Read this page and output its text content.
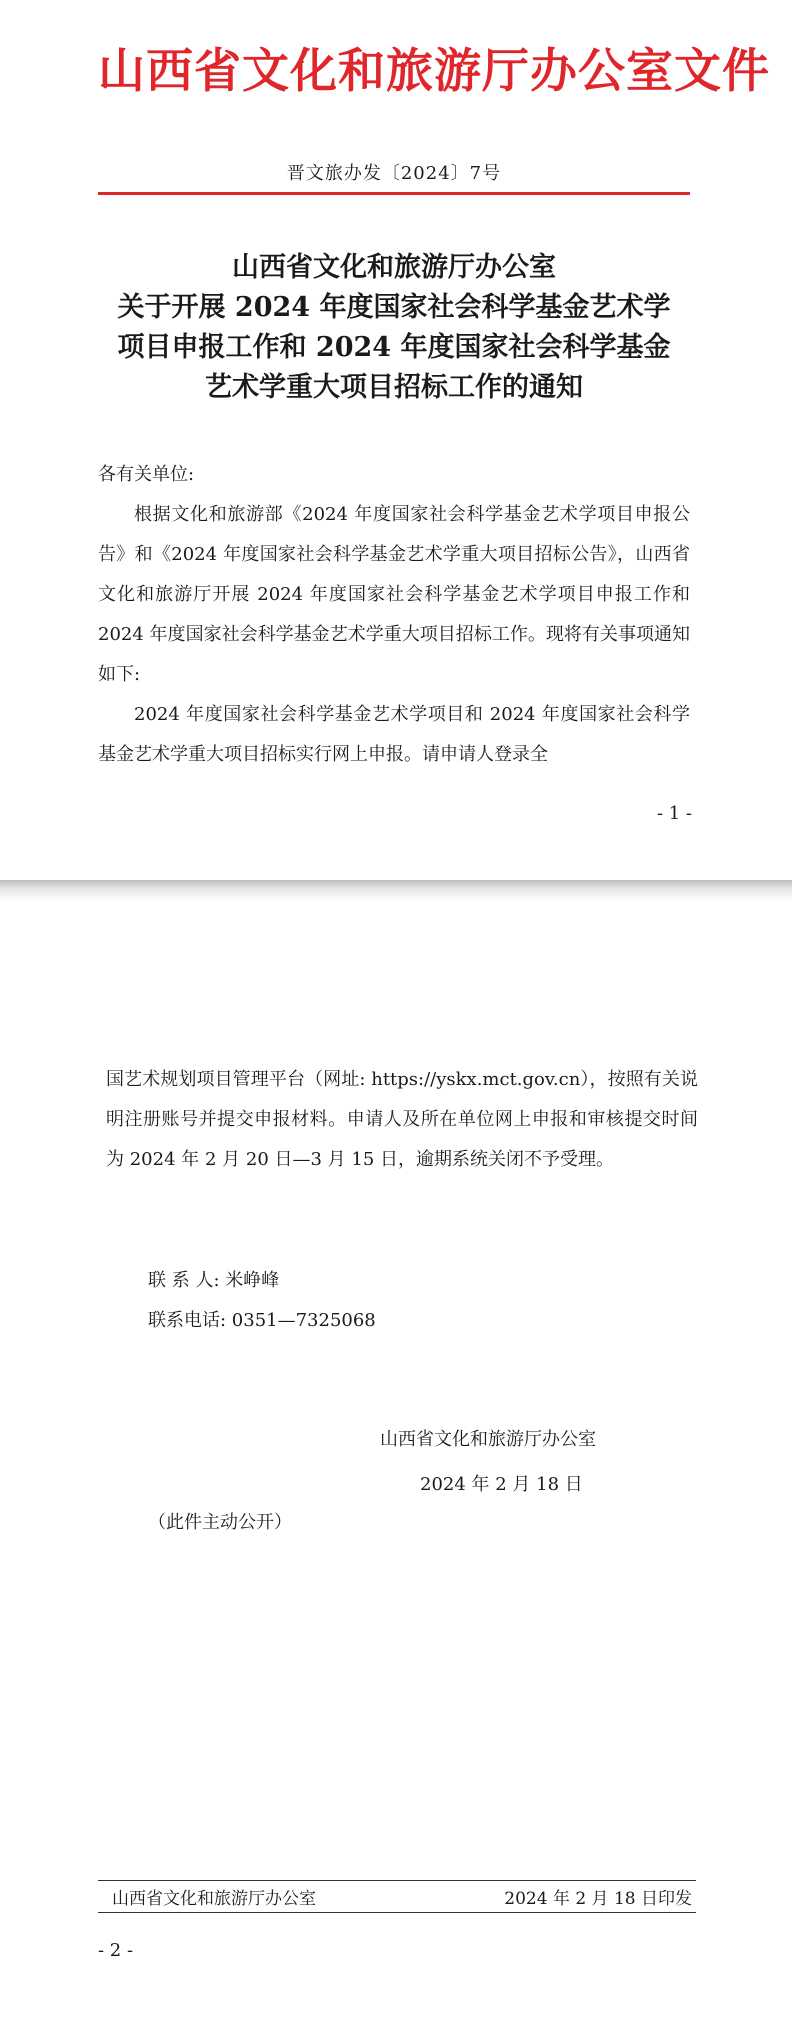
山西省文化和旅游厅办公室文件
晋文旅办发〔2024〕7号
山西省文化和旅游厅办公室
关于开展 2024 年度国家社会科学基金艺术学
项目申报工作和 2024 年度国家社会科学基金
艺术学重大项目招标工作的通知
各有关单位:

根据文化和旅游部《2024 年度国家社会科学基金艺术学项目申报公告》和《2024 年度国家社会科学基金艺术学重大项目招标公告》，山西省文化和旅游厅开展 2024 年度国家社会科学基金艺术学项目申报工作和 2024 年度国家社会科学基金艺术学重大项目招标工作。现将有关事项通知如下:

2024 年度国家社会科学基金艺术学项目和 2024 年度国家社会科学基金艺术学重大项目招标实行网上申报。请申请人登录全

- 1 -
国艺术规划项目管理平台（网址: https://yskx.mct.gov.cn），按照有关说明注册账号并提交申报材料。申请人及所在单位网上申报和审核提交时间为 2024 年 2 月 20 日—3 月 15 日，逾期系统关闭不予受理。
联 系 人: 米峥峰
联系电话: 0351—7325068
山西省文化和旅游厅办公室
2024 年 2 月 18 日
（此件主动公开）
山西省文化和旅游厅办公室	2024 年 2 月 18 日印发
- 2 -
